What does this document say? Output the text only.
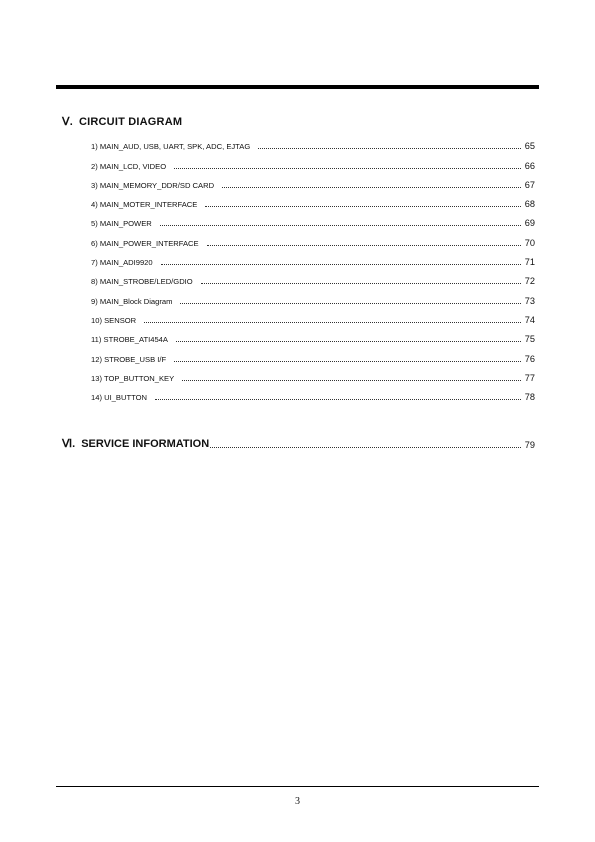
Ⅴ. CIRCUIT DIAGRAM
1) MAIN_AUD, USB, UART, SPK, ADC, EJTAG	65
2) MAIN_LCD, VIDEO	66
3) MAIN_MEMORY_DDR/SD CARD	67
4) MAIN_MOTER_INTERFACE	68
5) MAIN_POWER	69
6) MAIN_POWER_INTERFACE	70
7) MAIN_ADI9920	71
8) MAIN_STROBE/LED/GDIO	72
9) MAIN_Block Diagram	73
10) SENSOR	74
11) STROBE_ATI454A	75
12) STROBE_USB I/F	76
13) TOP_BUTTON_KEY	77
14) UI_BUTTON	78
Ⅵ. SERVICE INFORMATION	79
3
